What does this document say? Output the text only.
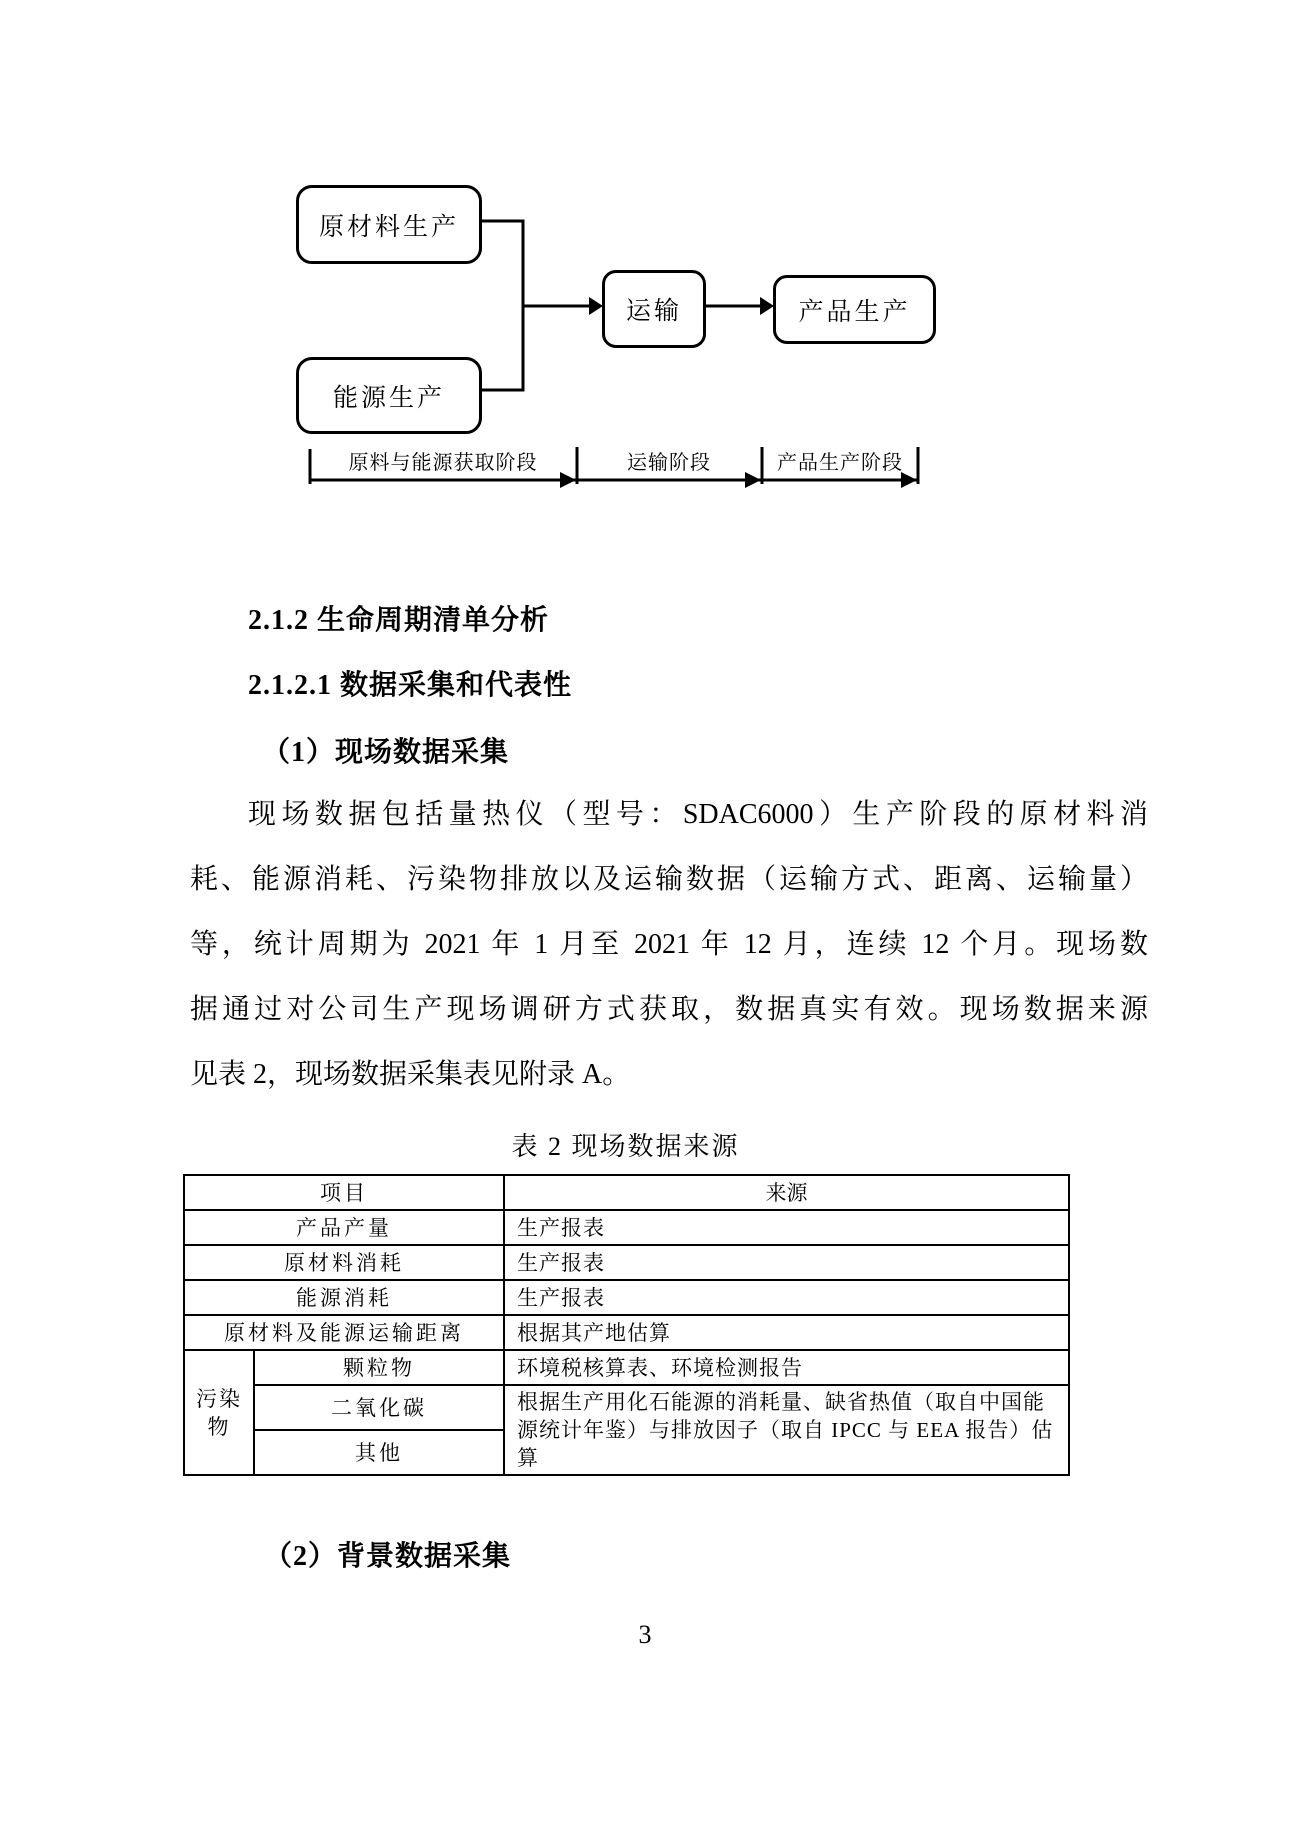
原材料生产
能源生产
运输	产品生产
原料与能源获取阶段	运输阶段	产品生产阶段
2.1.2 生命周期清单分析
2.1.2.1 数据采集和代表性
（1）现场数据采集
现场数据包括量热仪（型号：SDAC6000）生产阶段的原材料消
耗、能源消耗、污染物排放以及运输数据（运输方式、距离、运输量）
等，统计周期为 2021 年 1 月至 2021 年 12 月，连续 12 个月。现场数
据通过对公司生产现场调研方式获取，数据真实有效。现场数据来源
见表 2，现场数据采集表见附录 A。
表 2 现场数据来源
项目		来源
产品产量		生产报表
原材料消耗		生产报表
能源消耗		生产报表
原材料及能源运输距离		根据其产地估算
污染物	颗粒物	环境税核算表、环境检测报告
	二氧化碳	根据生产用化石能源的消耗量、缺省热值（取自中国能源统计年鉴）与排放因子（取自 IPCC 与 EEA 报告）估算
	其他	
（2）背景数据采集
3
